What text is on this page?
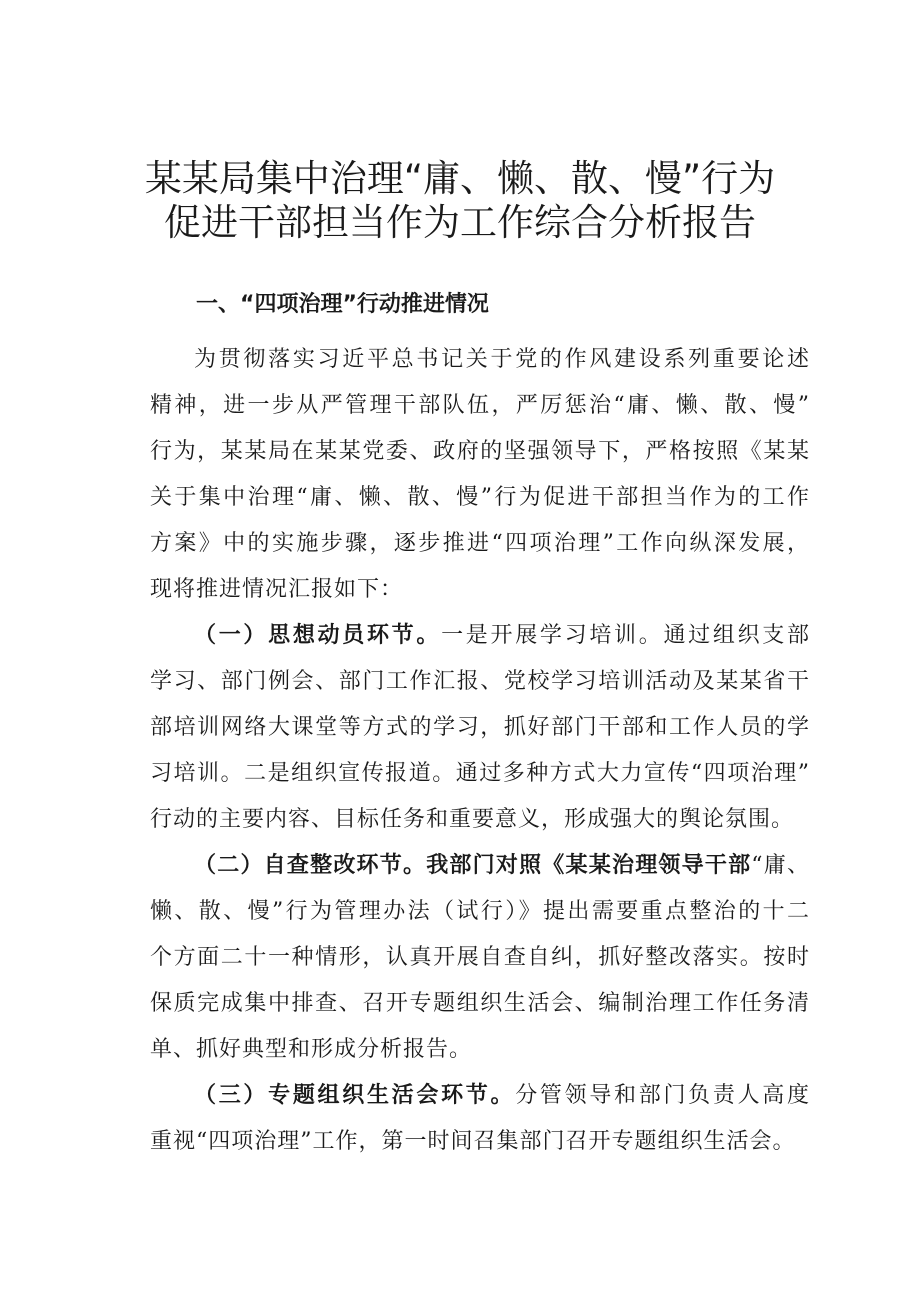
某某局集中治理“庸、懒、散、慢”行为
促进干部担当作为工作综合分析报告
一、“四项治理”行动推进情况
为贯彻落实习近平总书记关于党的作风建设系列重要论述
精神，进一步从严管理干部队伍，严厉惩治“庸、懒、散、慢”
行为，某某局在某某党委、政府的坚强领导下，严格按照《某某
关于集中治理“庸、懒、散、慢”行为促进干部担当作为的工作
方案》中的实施步骤，逐步推进“四项治理”工作向纵深发展，
现将推进情况汇报如下：
（一）思想动员环节。一是开展学习培训。通过组织支部
学习、部门例会、部门工作汇报、党校学习培训活动及某某省干
部培训网络大课堂等方式的学习，抓好部门干部和工作人员的学
习培训。二是组织宣传报道。通过多种方式大力宣传“四项治理”
行动的主要内容、目标任务和重要意义，形成强大的舆论氛围。
（二）自查整改环节。我部门对照《某某治理领导干部“庸、
懒、散、慢”行为管理办法（试行）》提出需要重点整治的十二
个方面二十一种情形，认真开展自查自纠，抓好整改落实。按时
保质完成集中排查、召开专题组织生活会、编制治理工作任务清
单、抓好典型和形成分析报告。
（三）专题组织生活会环节。分管领导和部门负责人高度
重视“四项治理”工作，第一时间召集部门召开专题组织生活会。
